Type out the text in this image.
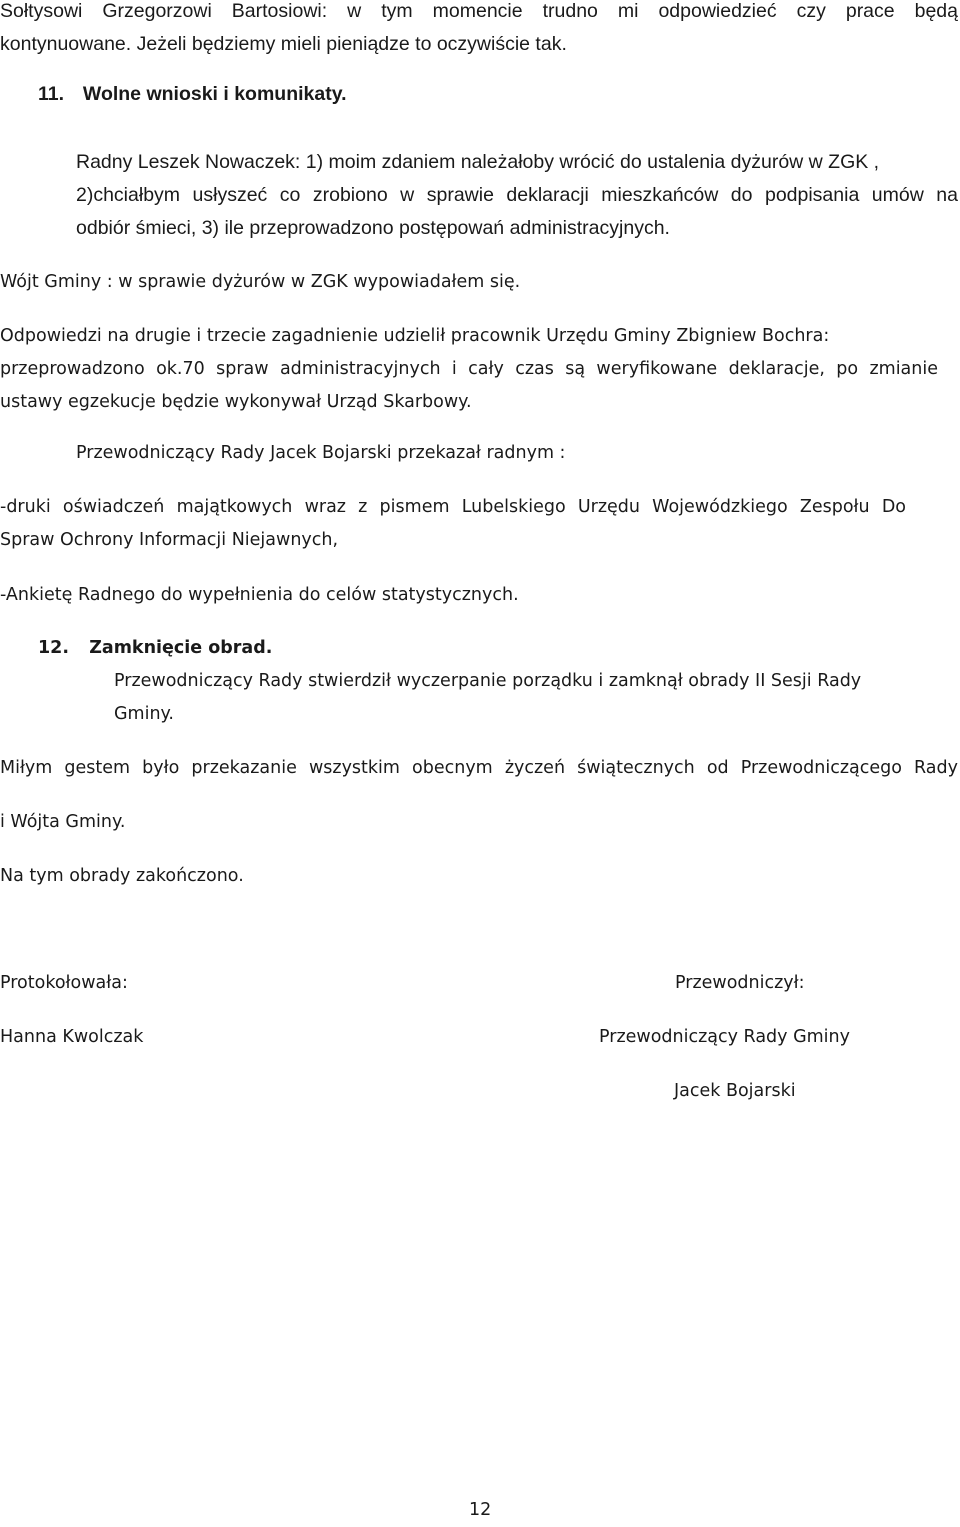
Sołtysowi Grzegorzowi Bartosiowi: w tym momencie trudno mi odpowiedzieć czy prace będą
kontynuowane. Jeżeli będziemy mieli pieniądze to oczywiście tak.

11. Wolne wnioski i komunikaty.

Radny Leszek Nowaczek: 1) moim zdaniem należałoby wrócić do ustalenia dyżurów w ZGK ,
2)chciałbym usłyszeć co zrobiono w sprawie deklaracji mieszkańców do podpisania umów na
odbiór śmieci, 3) ile przeprowadzono postępowań administracyjnych.

Wójt Gminy : w sprawie dyżurów w ZGK wypowiadałem się.

Odpowiedzi na drugie i trzecie zagadnienie udzielił pracownik Urzędu Gminy Zbigniew Bochra:
przeprowadzono ok.70 spraw administracyjnych i cały czas są weryfikowane deklaracje, po zmianie
ustawy egzekucje będzie wykonywał Urząd Skarbowy.

Przewodniczący Rady Jacek Bojarski przekazał radnym :

-druki oświadczeń majątkowych wraz z pismem Lubelskiego Urzędu Wojewódzkiego Zespołu Do
Spraw Ochrony Informacji Niejawnych,

-Ankietę Radnego do wypełnienia do celów statystycznych.
12. Zamknięcie obrad.

Przewodniczący Rady stwierdził wyczerpanie porządku i zamknął obrady II Sesji Rady
Gminy.

Miłym gestem było przekazanie wszystkim obecnym życzeń świątecznych od Przewodniczącego Rady
i Wójta Gminy.
Na tym obrady zakończono.
Protokołowała:	Przewodniczył:
Hanna Kwolczak	Przewodniczący Rady Gminy
Jacek Bojarski
12
